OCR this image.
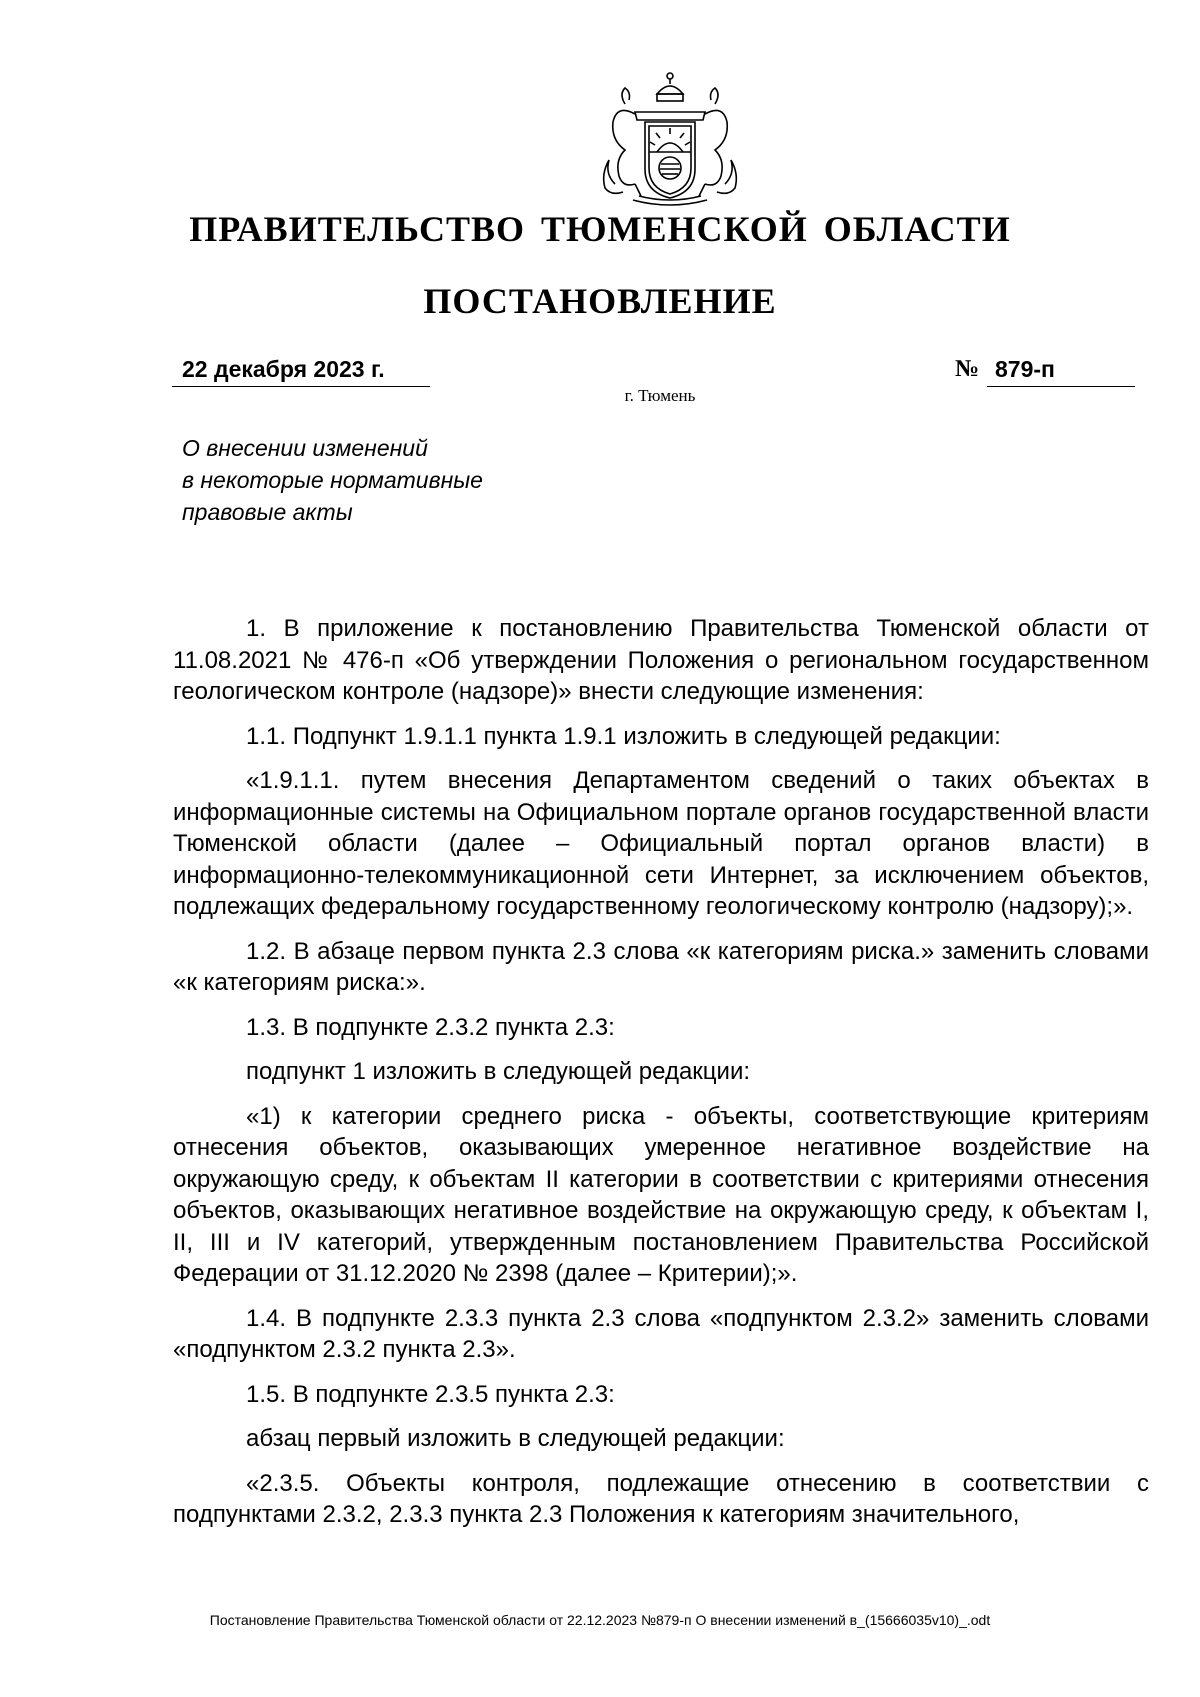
ПРАВИТЕЛЬСТВО ТЮМЕНСКОЙ ОБЛАСТИ
ПОСТАНОВЛЕНИЕ
22 декабря 2023 г.	№ 879-п
г. Тюмень
О внесении изменений
в некоторые нормативные
правовые акты

1. В приложение к постановлению Правительства Тюменской области от 11.08.2021 № 476-п «Об утверждении Положения о региональном государственном геологическом контроле (надзоре)» внести следующие изменения:

1.1. Подпункт 1.9.1.1 пункта 1.9.1 изложить в следующей редакции:

«1.9.1.1. путем внесения Департаментом сведений о таких объектах в информационные системы на Официальном портале органов государственной власти Тюменской области (далее – Официальный портал органов власти) в информационно-телекоммуникационной сети Интернет, за исключением объектов, подлежащих федеральному государственному геологическому контролю (надзору);».

1.2. В абзаце первом пункта 2.3 слова «к категориям риска.» заменить словами «к категориям риска:».

1.3. В подпункте 2.3.2 пункта 2.3:

подпункт 1 изложить в следующей редакции:

«1) к категории среднего риска - объекты, соответствующие критериям отнесения объектов, оказывающих умеренное негативное воздействие на окружающую среду, к объектам II категории в соответствии с критериями отнесения объектов, оказывающих негативное воздействие на окружающую среду, к объектам I, II, III и IV категорий, утвержденным постановлением Правительства Российской Федерации от 31.12.2020 № 2398 (далее – Критерии);».

1.4. В подпункте 2.3.3 пункта 2.3 слова «подпунктом 2.3.2» заменить словами «подпунктом 2.3.2 пункта 2.3».

1.5. В подпункте 2.3.5 пункта 2.3:

абзац первый изложить в следующей редакции:

«2.3.5. Объекты контроля, подлежащие отнесению в соответствии с подпунктами 2.3.2, 2.3.3 пункта 2.3 Положения к категориям значительного,

Постановление Правительства Тюменской области от 22.12.2023 №879-п О внесении изменений в_(15666035v10)_.odt
